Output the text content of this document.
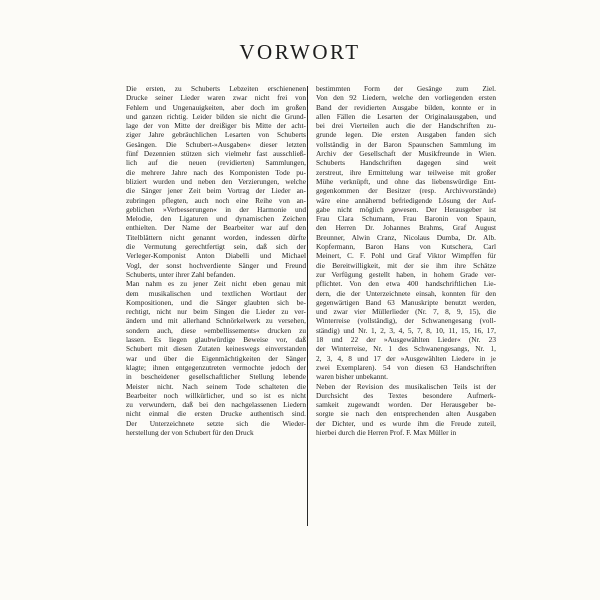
VORWORT
Die ersten, zu Schuberts Lebzeiten erschienenen
Drucke seiner Lieder waren zwar nicht frei von
Fehlern und Ungenauigkeiten, aber doch im großen
und ganzen richtig. Leider bilden sie nicht die Grund-
lage der von Mitte der dreißiger bis Mitte der acht-
ziger Jahre gebräuchlichen Lesarten von Schuberts
Gesängen. Die Schubert-»Ausgaben« dieser letzten
fünf Dezennien stützen sich vielmehr fast ausschließ-
lich auf die neuen (revidierten) Sammlungen,
die mehrere Jahre nach des Komponisten Tode pu-
bliziert wurden und neben den Verzierungen, welche
die Sänger jener Zeit beim Vortrag der Lieder an-
zubringen pflegten, auch noch eine Reihe von an-
geblichen »Verbesserungen« in der Harmonie und
Melodie, den Ligaturen und dynamischen Zeichen
enthielten. Der Name der Bearbeiter war auf den
Titelblättern nicht genannt worden, indessen dürfte
die Vermutung gerechtfertigt sein, daß sich der
Verleger-Komponist Anton Diabelli und Michael
Vogl, der sonst hochverdiente Sänger und Freund
Schuberts, unter ihrer Zahl befanden.
Man nahm es zu jener Zeit nicht eben genau mit
dem musikalischen und textlichen Wortlaut der
Kompositionen, und die Sänger glaubten sich be-
rechtigt, nicht nur beim Singen die Lieder zu ver-
ändern und mit allerhand Schnörkelwerk zu versehen,
sondern auch, diese »embellissements« drucken zu
lassen. Es liegen glaubwürdige Beweise vor, daß
Schubert mit diesen Zutaten keineswegs einverstanden
war und über die Eigenmächtigkeiten der Sänger
klagte; ihnen entgegenzutreten vermochte jedoch der
in bescheidener gesellschaftlicher Stellung lebende
Meister nicht. Nach seinem Tode schalteten die
Bearbeiter noch willkürlicher, und so ist es nicht
zu verwundern, daß bei den nachgelassenen Liedern
nicht einmal die ersten Drucke authentisch sind.
Der Unterzeichnete setzte sich die Wieder-
herstellung der von Schubert für den Druck
bestimmten Form der Gesänge zum Ziel.
Von den 92 Liedern, welche den vorliegenden ersten
Band der revidierten Ausgabe bilden, konnte er in
allen Fällen die Lesarten der Originalausgaben, und
bei drei Vierteilen auch die der Handschriften zu-
grunde legen. Die ersten Ausgaben fanden sich
vollständig in der Baron Spaunschen Sammlung im
Archiv der Gesellschaft der Musikfreunde in Wien.
Schuberts Handschriften dagegen sind weit
zerstreut, ihre Ermittelung war teilweise mit großer
Mühe verknüpft, und ohne das liebenswürdige Ent-
gegenkommen der Besitzer (resp. Archivvorstände)
wäre eine annähernd befriedigende Lösung der Auf-
gabe nicht möglich gewesen. Der Herausgeber ist
Frau Clara Schumann, Frau Baronin von Spaun,
den Herren Dr. Johannes Brahms, Graf August
Breunner, Alwin Cranz, Nicolaus Dumba, Dr. Alb.
Kopfermann, Baron Hans von Kutschera, Carl
Meinert, C. F. Pohl und Graf Viktor Wimpffen für
die Bereitwilligkeit, mit der sie ihm ihre Schätze
zur Verfügung gestellt haben, in hohem Grade ver-
pflichtet. Von den etwa 400 handschriftlichen Lie-
dern, die der Unterzeichnete einsah, konnten für den
gegenwärtigen Band 63 Manuskripte benutzt werden,
und zwar vier Müllerlieder (Nr. 7, 8, 9, 15), die
Winterreise (vollständig), der Schwanengesang (voll-
ständig) und Nr. 1, 2, 3, 4, 5, 7, 8, 10, 11, 15, 16, 17,
18 und 22 der »Ausgewählten Lieder« (Nr. 23
der Winterreise, Nr. 1 des Schwanengesangs, Nr. 1,
2, 3, 4, 8 und 17 der »Ausgewählten Lieder« in je
zwei Exemplaren). 54 von diesen 63 Handschriften
waren bisher unbekannt.
Neben der Revision des musikalischen Teils ist der
Durchsicht des Textes besondere Aufmerk-
samkeit zugewandt worden. Der Herausgeber be-
sorgte sie nach den entsprechenden alten Ausgaben
der Dichter, und es wurde ihm die Freude zuteil,
hierbei durch die Herren Prof. F. Max Müller in
